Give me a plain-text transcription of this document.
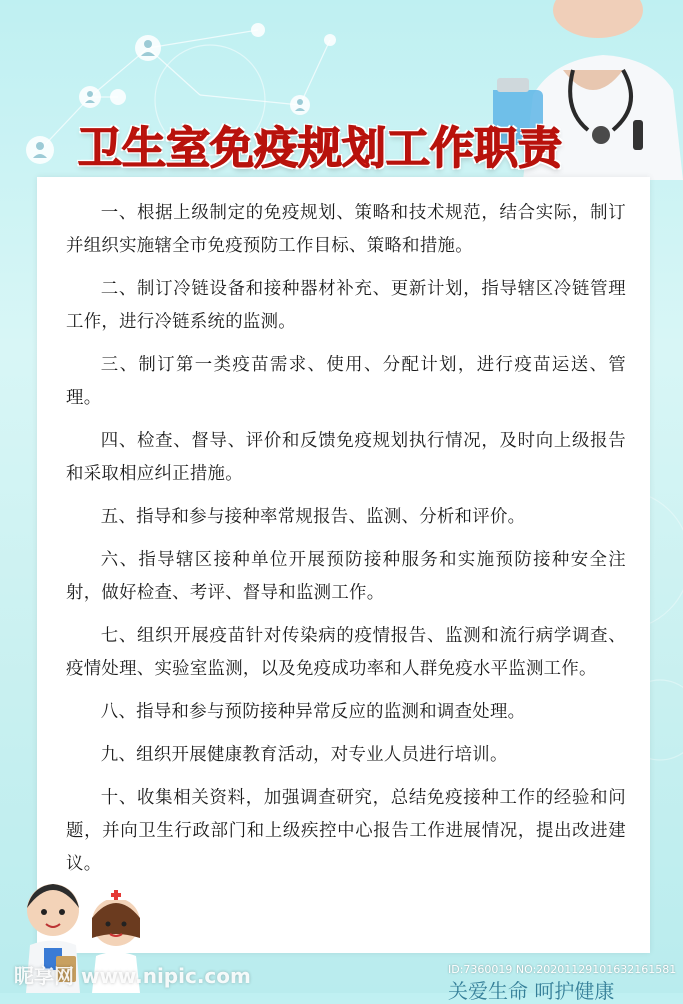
卫生室免疫规划工作职责

一、根据上级制定的免疫规划、策略和技术规范，结合实际，制订并组织实施辖全市免疫预防工作目标、策略和措施。

二、制订冷链设备和接种器材补充、更新计划，指导辖区冷链管理工作，进行冷链系统的监测。

三、制订第一类疫苗需求、使用、分配计划，进行疫苗运送、管理。

四、检查、督导、评价和反馈免疫规划执行情况，及时向上级报告和采取相应纠正措施。

五、指导和参与接种率常规报告、监测、分析和评价。

六、指导辖区接种单位开展预防接种服务和实施预防接种安全注射，做好检查、考评、督导和监测工作。

七、组织开展疫苗针对传染病的疫情报告、监测和流行病学调查、疫情处理、实验室监测，以及免疫成功率和人群免疫水平监测工作。

八、指导和参与预防接种异常反应的监测和调查处理。

九、组织开展健康教育活动，对专业人员进行培训。

十、收集相关资料，加强调查研究，总结免疫接种工作的经验和问题，并向卫生行政部门和上级疾控中心报告工作进展情况，提出改进建议。

昵享网 www.nipic.com	ID:7360019 NO:20201129101632161581
关爱生命 呵护健康
